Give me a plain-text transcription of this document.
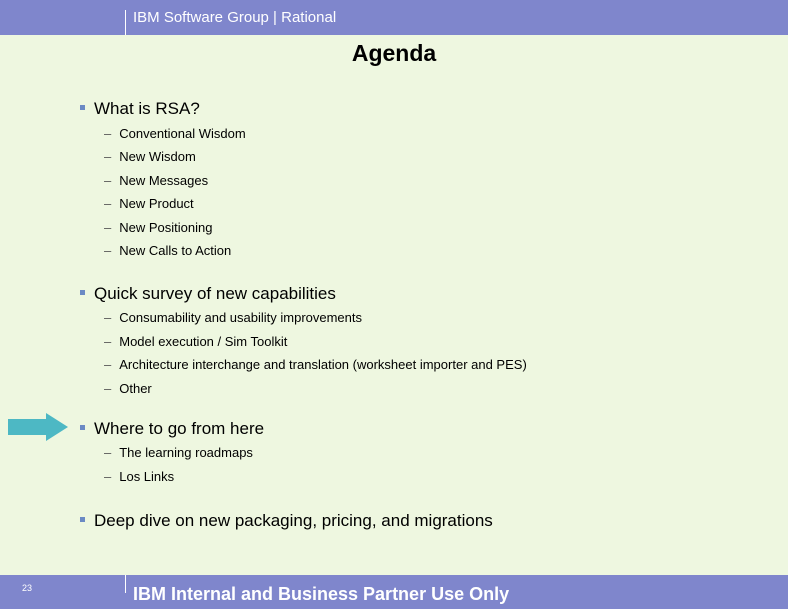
IBM Software Group | Rational
Agenda
What is RSA?
– Conventional Wisdom
– New Wisdom
– New Messages
– New Product
– New Positioning
– New Calls to Action
Quick survey of new capabilities
– Consumability and usability improvements
– Model execution / Sim Toolkit
– Architecture interchange and translation (worksheet importer and PES)
– Other
Where to go from here
– The learning roadmaps
– Los Links
Deep dive on new packaging, pricing, and migrations
23	IBM Internal and Business Partner Use Only
